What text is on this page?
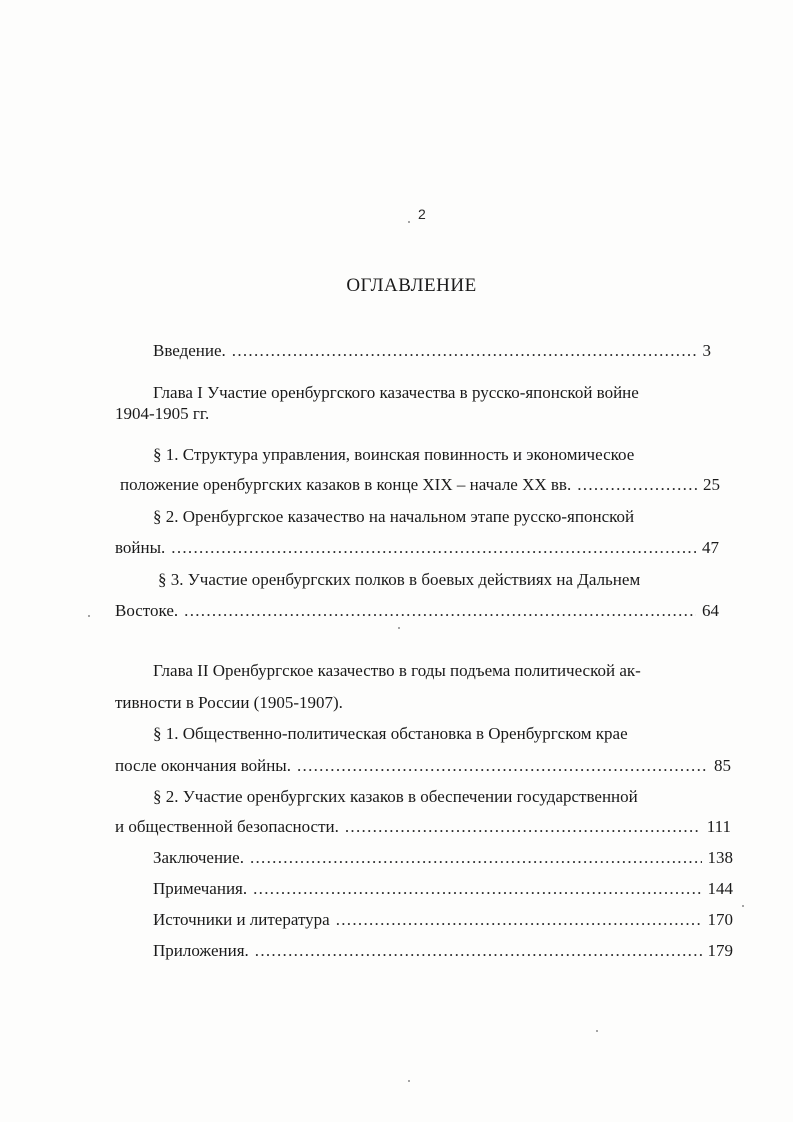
2
ОГЛАВЛЕНИЕ
Введение. .....	3
Глава I Участие оренбургского казачества в русско-японской войне
1904-1905 гг.
§ 1. Структура управления, воинская повинность и экономическое
положение оренбургских казаков в конце XIX – начале XX вв. .....	25
§ 2. Оренбургское казачество на начальном этапе русско-японской
войны. .....	47
§ 3. Участие оренбургских полков в боевых действиях на Дальнем
Востоке. .....	64
Глава II Оренбургское казачество в годы подъема политической ак-
тивности в России (1905-1907).
§ 1. Общественно-политическая обстановка в Оренбургском крае
после окончания войны. .....	85
§ 2. Участие оренбургских казаков в обеспечении государственной
и общественной безопасности. .....	111
Заключение. .....	138
Примечания. .....	144
Источники и литература .....	170
Приложения. .....	179
